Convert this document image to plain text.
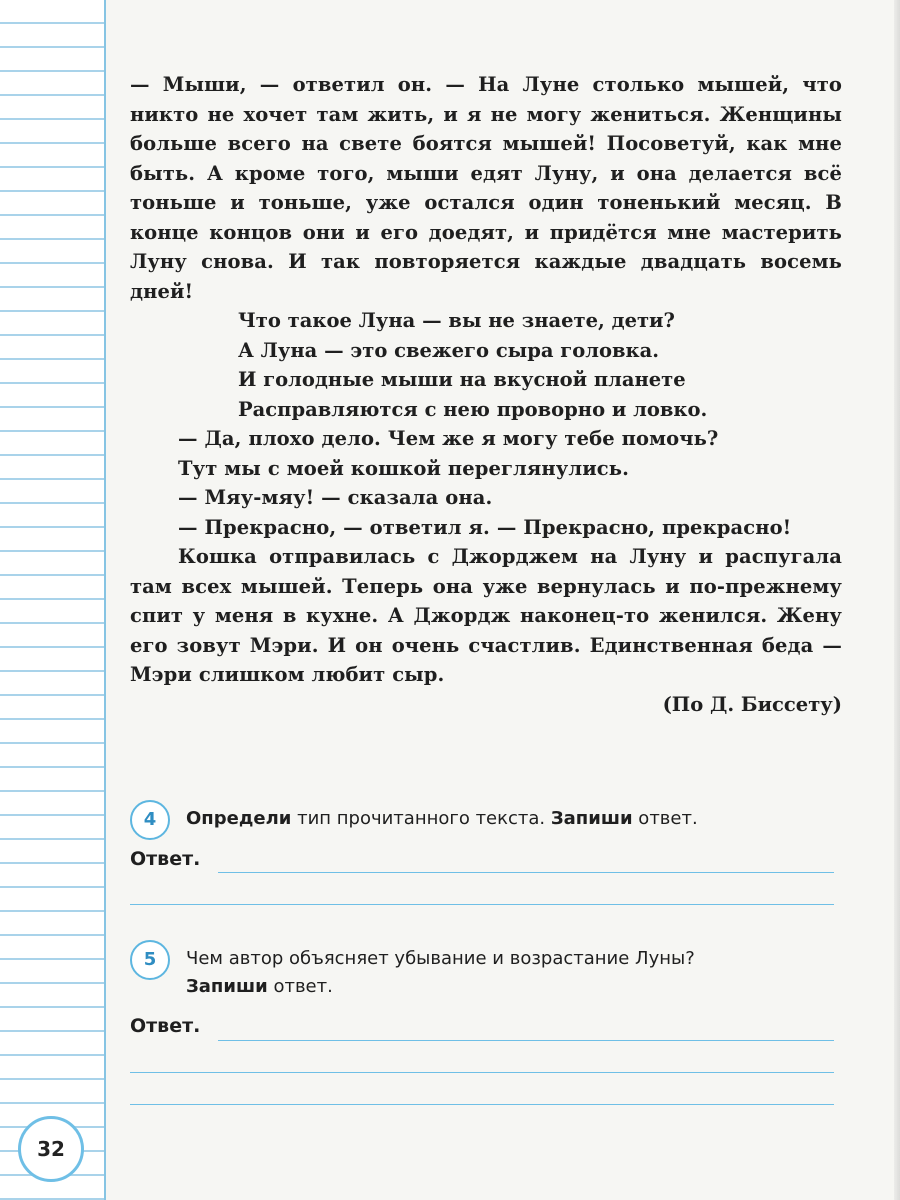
— Мыши, — ответил он. — На Луне столько мышей, что никто не хочет там жить, и я не могу жениться. Женщины больше всего на свете боятся мышей! Посоветуй, как мне быть. А кроме того, мыши едят Луну, и она делается всё тоньше и тоньше, уже остался один тоненький месяц. В конце концов они и его доедят, и придётся мне мастерить Луну снова. И так повторяется каждые двадцать восемь дней!

Что такое Луна — вы не знаете, дети?
А Луна — это свежего сыра головка.
И голодные мыши на вкусной планете
Расправляются с нею проворно и ловко.

— Да, плохо дело. Чем же я могу тебе помочь?

Тут мы с моей кошкой переглянулись.

— Мяу-мяу! — сказала она.

— Прекрасно, — ответил я. — Прекрасно, прекрасно!

Кошка отправилась с Джорджем на Луну и распугала там всех мышей. Теперь она уже вернулась и по-прежнему спит у меня в кухне. А Джордж наконец-то женился. Жену его зовут Мэри. И он очень счастлив. Единственная беда — Мэри слишком любит сыр.

(По Д. Биссету)
4	Определи тип прочитанного текста. Запиши ответ.
Ответ.
5	Чем автор объясняет убывание и возрастание Луны?
Запиши ответ.
Ответ.
32
